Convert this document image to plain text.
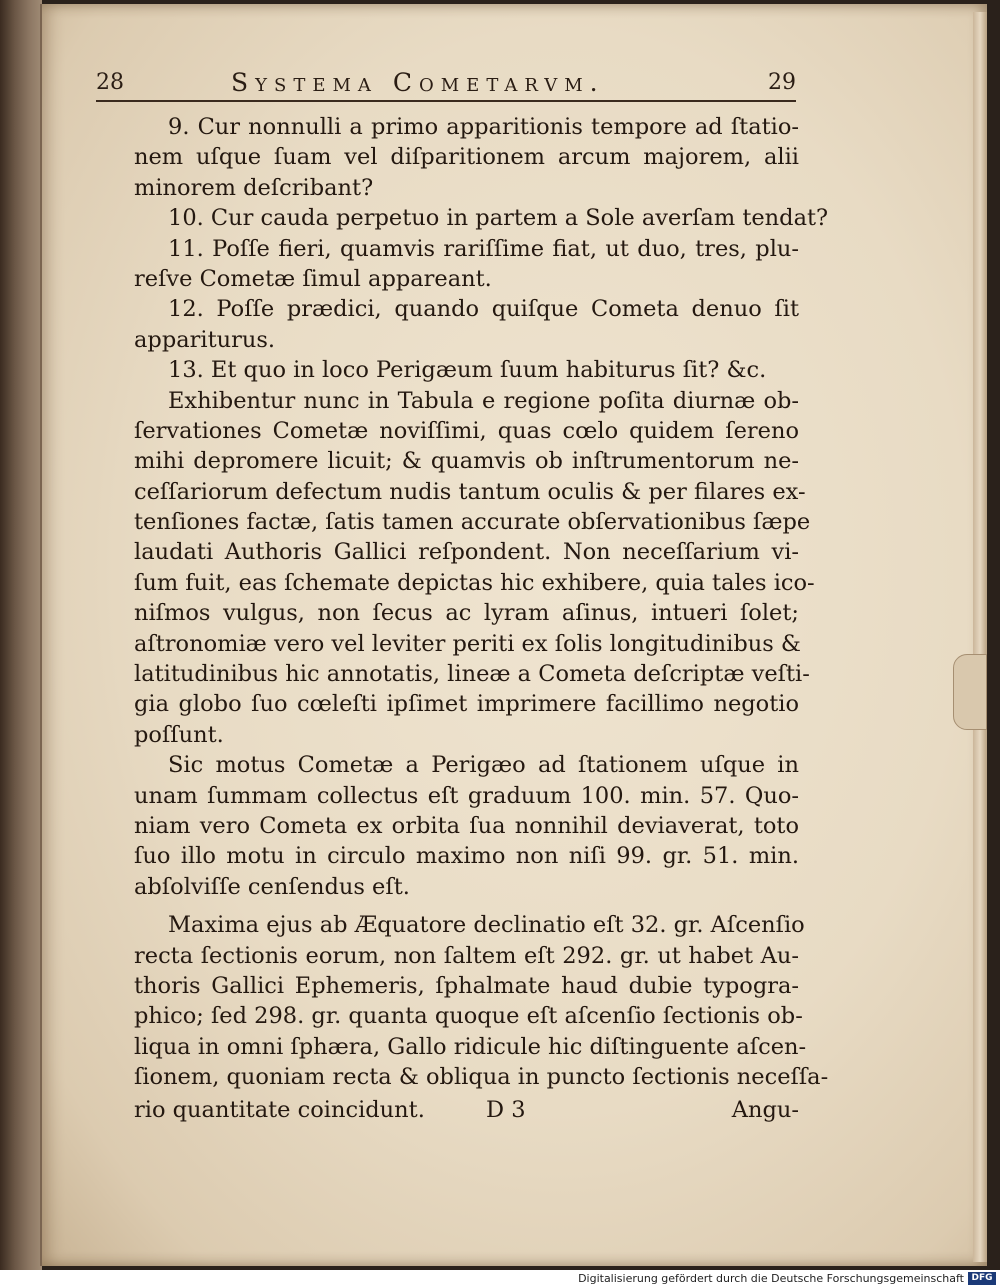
28	Systema Cometarvm.	29
9. Cur nonnulli a primo apparitionis tempore ad ſtatio-
nem uſque ſuam vel diſparitionem arcum majorem, alii
minorem deſcribant?
10. Cur cauda perpetuo in partem a Sole averſam tendat?
11. Poſſe fieri, quamvis rariſſime fiat, ut duo, tres, plu-
reſve Cometæ ſimul appareant.
12. Poſſe prædici, quando quiſque Cometa denuo ſit
appariturus.
13. Et quo in loco Perigæum ſuum habiturus ſit? &c.
Exhibentur nunc in Tabula e regione poſita diurnæ ob-
ſervationes Cometæ noviſſimi, quas cœlo quidem ſereno
mihi depromere licuit; & quamvis ob inſtrumentorum ne-
ceſſariorum defectum nudis tantum oculis & per filares ex-
tenſiones factæ, ſatis tamen accurate obſervationibus ſæpe
laudati Authoris Gallici reſpondent. Non neceſſarium vi-
ſum fuit, eas ſchemate depictas hic exhibere, quia tales ico-
niſmos vulgus, non ſecus ac lyram aſinus, intueri ſolet;
aſtronomiæ vero vel leviter periti ex ſolis longitudinibus &
latitudinibus hic annotatis, lineæ a Cometa deſcriptæ veſti-
gia globo ſuo cœleſti ipſimet imprimere facillimo negotio
poſſunt.
Sic motus Cometæ a Perigæo ad ſtationem uſque in
unam ſummam collectus eſt graduum 100. min. 57. Quo-
niam vero Cometa ex orbita ſua nonnihil deviaverat, toto
ſuo illo motu in circulo maximo non niſi 99. gr. 51. min.
abſolviſſe cenſendus eſt.
Maxima ejus ab Æquatore declinatio eſt 32. gr. Aſcenſio
recta ſectionis eorum, non ſaltem eſt 292. gr. ut habet Au-
thoris Gallici Ephemeris, ſphalmate haud dubie typogra-
phico; ſed 298. gr. quanta quoque eſt aſcenſio ſectionis ob-
liqua in omni ſphæra, Gallo ridicule hic diſtinguente aſcen-
ſionem, quoniam recta & obliqua in puncto ſectionis neceſſa-
rio quantitate coincidunt.	D 3	Angu-
Digitalisierung gefördert durch die Deutsche Forschungsgemeinschaft DFG
